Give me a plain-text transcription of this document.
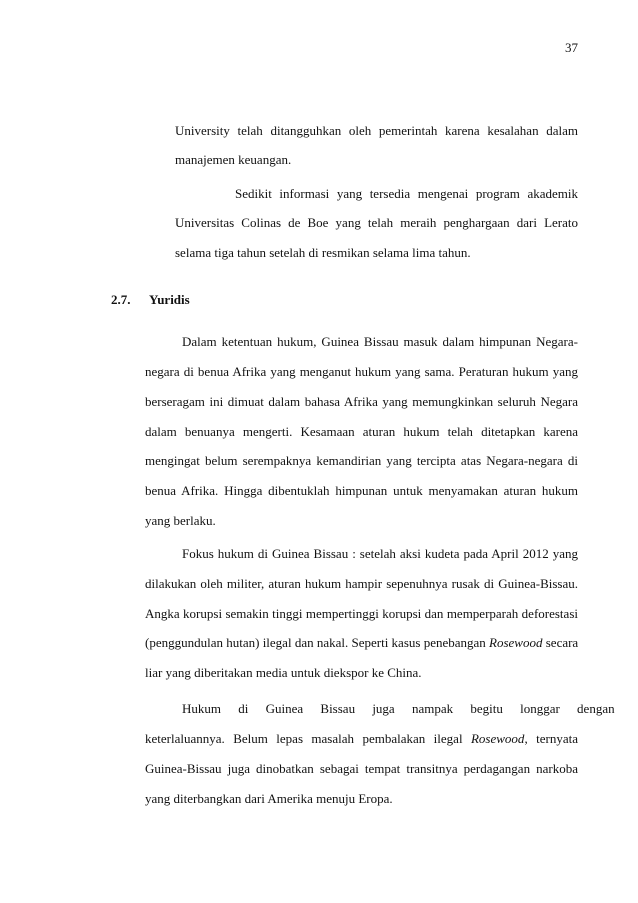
37
University telah ditangguhkan oleh pemerintah karena kesalahan dalam
manajemen keuangan.
Sedikit informasi yang tersedia mengenai program akademik
Universitas Colinas de Boe yang telah meraih penghargaan dari Lerato
selama tiga tahun setelah di resmikan selama lima tahun.
2.7. Yuridis
Dalam ketentuan hukum, Guinea Bissau masuk dalam himpunan Negara-
negara di benua Afrika yang menganut hukum yang sama. Peraturan hukum yang
berseragam ini dimuat dalam bahasa Afrika yang memungkinkan seluruh Negara
dalam benuanya mengerti. Kesamaan aturan hukum telah ditetapkan karena
mengingat belum serempaknya kemandirian yang tercipta atas Negara-negara di
benua Afrika. Hingga dibentuklah himpunan untuk menyamakan aturan hukum
yang berlaku.
Fokus hukum di Guinea Bissau : setelah aksi kudeta pada April 2012 yang
dilakukan oleh militer, aturan hukum hampir sepenuhnya rusak di Guinea-Bissau.
Angka korupsi semakin tinggi mempertinggi korupsi dan memperparah deforestasi
(penggundulan hutan) ilegal dan nakal. Seperti kasus penebangan Rosewood secara
liar yang diberitakan media untuk diekspor ke China.
Hukum di Guinea Bissau juga nampak begitu longgar dengan
keterlaluannya. Belum lepas masalah pembalakan ilegal Rosewood, ternyata
Guinea-Bissau juga dinobatkan sebagai tempat transitnya perdagangan narkoba
yang diterbangkan dari Amerika menuju Eropa.
